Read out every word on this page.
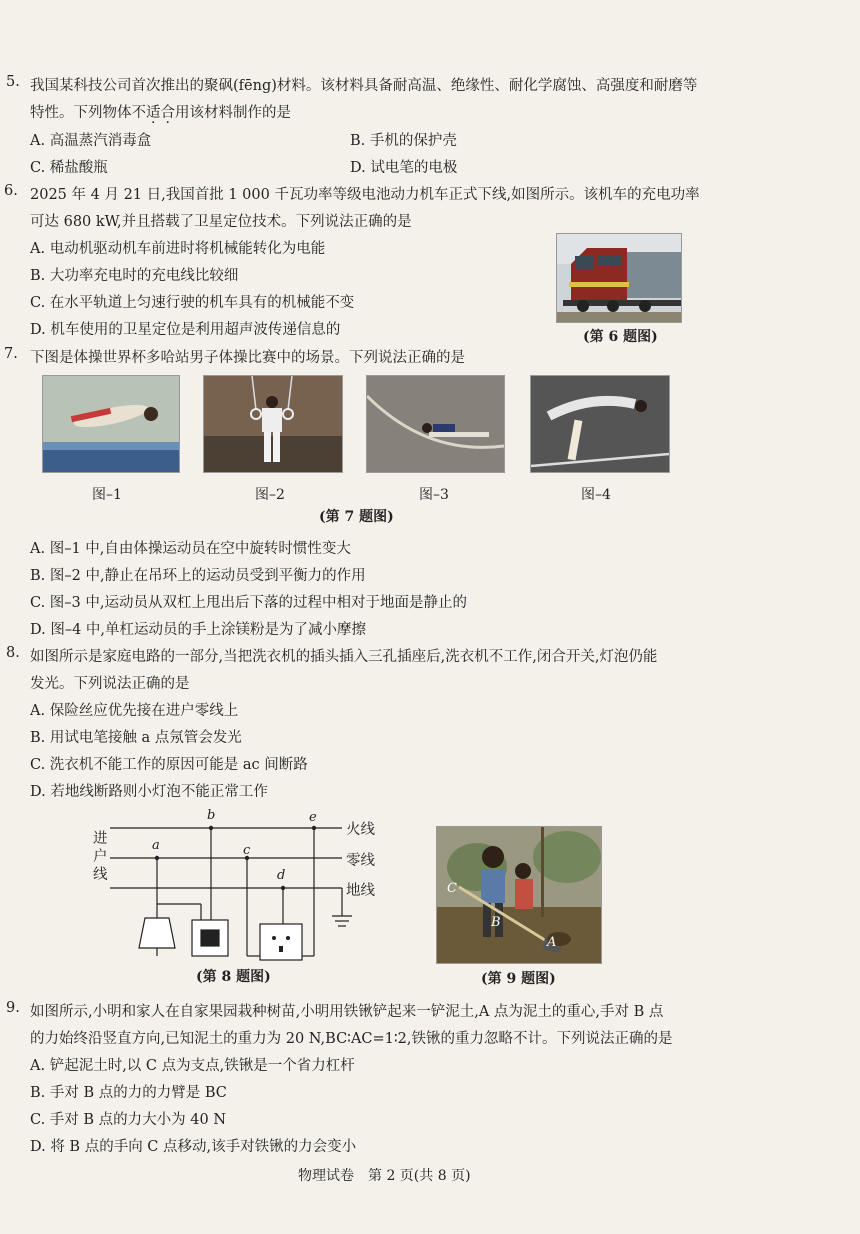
5. 我国某科技公司首次推出的聚砜(fēng)材料。该材料具备耐高温、绝缘性、耐化学腐蚀、高强度和耐磨等
特性。下列物体不适合用该材料制作的是
A. 高温蒸汽消毒盒	B. 手机的保护壳
C. 稀盐酸瓶	D. 试电笔的电极
6. 2025 年 4 月 21 日,我国首批 1 000 千瓦功率等级电池动力机车正式下线,如图所示。该机车的充电功率
可达 680 kW,并且搭载了卫星定位技术。下列说法正确的是
A. 电动机驱动机车前进时将机械能转化为电能
B. 大功率充电时的充电线比较细
C. 在水平轨道上匀速行驶的机车具有的机械能不变
D. 机车使用的卫星定位是利用超声波传递信息的	(第 6 题图)
7. 下图是体操世界杯多哈站男子体操比赛中的场景。下列说法正确的是
图–1	图–2	图–3	图–4
(第 7 题图)
A. 图–1 中,自由体操运动员在空中旋转时惯性变大
B. 图–2 中,静止在吊环上的运动员受到平衡力的作用
C. 图–3 中,运动员从双杠上甩出后下落的过程中相对于地面是静止的
D. 图–4 中,单杠运动员的手上涂镁粉是为了减小摩擦
8. 如图所示是家庭电路的一部分,当把洗衣机的插头插入三孔插座后,洗衣机不工作,闭合开关,灯泡仍能
发光。下列说法正确的是
A. 保险丝应优先接在进户零线上
B. 用试电笔接触 a 点氖管会发光
C. 洗衣机不能工作的原因可能是 ac 间断路
D. 若地线断路则小灯泡不能正常工作
进
户
线
a
b
c
d
e
火线
零线
地线
(第 8 题图)
C
B
A
(第 9 题图)
9. 如图所示,小明和家人在自家果园栽种树苗,小明用铁锹铲起来一铲泥土,A 点为泥土的重心,手对 B 点
的力始终沿竖直方向,已知泥土的重力为 20 N,BC∶AC=1∶2,铁锹的重力忽略不计。下列说法正确的是
A. 铲起泥土时,以 C 点为支点,铁锹是一个省力杠杆
B. 手对 B 点的力的力臂是 BC
C. 手对 B 点的力大小为 40 N
D. 将 B 点的手向 C 点移动,该手对铁锹的力会变小
物理试卷　第 2 页(共 8 页)
